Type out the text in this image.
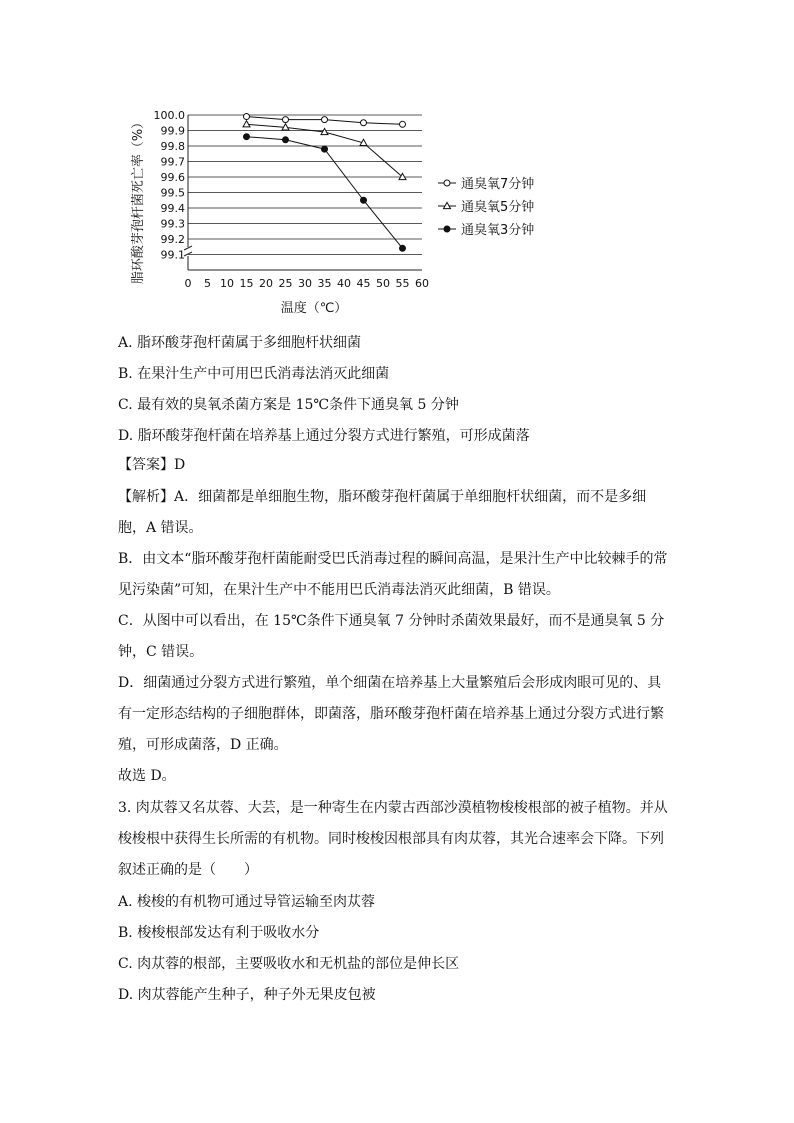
脂环酸芽孢杆菌死亡率（%）
100.0
99.9
99.8
99.7
99.6
99.5
99.4
99.3
99.2
99.1
0 5 10 15 20 25 30 35 40 45 50 55 60
通臭氧7分钟
通臭氧5分钟
通臭氧3分钟
温度（℃）
A. 脂环酸芽孢杆菌属于多细胞杆状细菌
B. 在果汁生产中可用巴氏消毒法消灭此细菌
C. 最有效的臭氧杀菌方案是 15℃条件下通臭氧 5 分钟
D. 脂环酸芽孢杆菌在培养基上通过分裂方式进行繁殖，可形成菌落
【答案】D
【解析】A．细菌都是单细胞生物，脂环酸芽孢杆菌属于单细胞杆状细菌，而不是多细
胞，A 错误。
B．由文本“脂环酸芽孢杆菌能耐受巴氏消毒过程的瞬间高温，是果汁生产中比较棘手的常
见污染菌”可知，在果汁生产中不能用巴氏消毒法消灭此细菌，B 错误。
C．从图中可以看出，在 15℃条件下通臭氧 7 分钟时杀菌效果最好，而不是通臭氧 5 分
钟，C 错误。
D．细菌通过分裂方式进行繁殖，单个细菌在培养基上大量繁殖后会形成肉眼可见的、具
有一定形态结构的子细胞群体，即菌落，脂环酸芽孢杆菌在培养基上通过分裂方式进行繁
殖，可形成菌落，D 正确。
故选 D。
3. 肉苁蓉又名苁蓉、大芸，是一种寄生在内蒙古西部沙漠植物梭梭根部的被子植物。并从
梭梭根中获得生长所需的有机物。同时梭梭因根部具有肉苁蓉，其光合速率会下降。下列
叙述正确的是（　　）
A. 梭梭的有机物可通过导管运输至肉苁蓉
B. 梭梭根部发达有利于吸收水分
C. 肉苁蓉的根部，主要吸收水和无机盐的部位是伸长区
D. 肉苁蓉能产生种子，种子外无果皮包被
